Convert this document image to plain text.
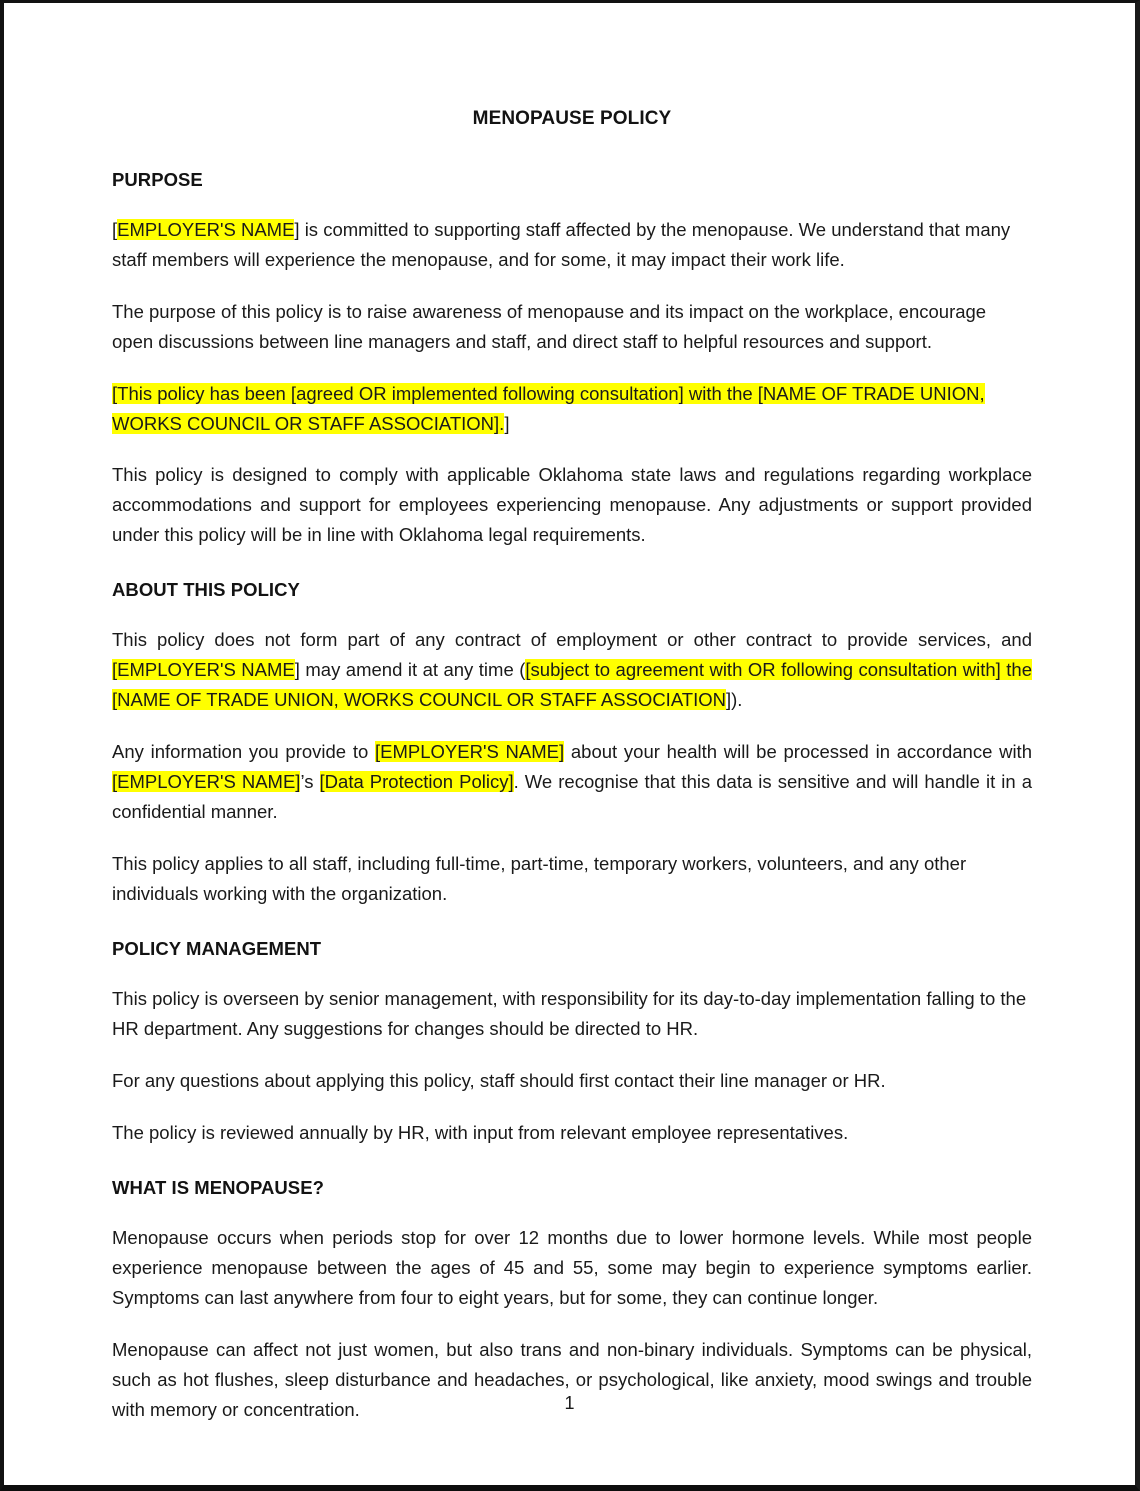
MENOPAUSE POLICY
PURPOSE

[EMPLOYER'S NAME] is committed to supporting staff affected by the menopause. We understand that many staff members will experience the menopause, and for some, it may impact their work life.

The purpose of this policy is to raise awareness of menopause and its impact on the workplace, encourage open discussions between line managers and staff, and direct staff to helpful resources and support.

[This policy has been [agreed OR implemented following consultation] with the [NAME OF TRADE UNION, WORKS COUNCIL OR STAFF ASSOCIATION].]

This policy is designed to comply with applicable Oklahoma state laws and regulations regarding workplace accommodations and support for employees experiencing menopause. Any adjustments or support provided under this policy will be in line with Oklahoma legal requirements.

ABOUT THIS POLICY

This policy does not form part of any contract of employment or other contract to provide services, and [EMPLOYER'S NAME] may amend it at any time ([subject to agreement with OR following consultation with] the [NAME OF TRADE UNION, WORKS COUNCIL OR STAFF ASSOCIATION]).

Any information you provide to [EMPLOYER'S NAME] about your health will be processed in accordance with [EMPLOYER'S NAME]’s [Data Protection Policy]. We recognise that this data is sensitive and will handle it in a confidential manner.

This policy applies to all staff, including full-time, part-time, temporary workers, volunteers, and any other individuals working with the organization.

POLICY MANAGEMENT

This policy is overseen by senior management, with responsibility for its day-to-day implementation falling to the HR department. Any suggestions for changes should be directed to HR.

For any questions about applying this policy, staff should first contact their line manager or HR.

The policy is reviewed annually by HR, with input from relevant employee representatives.

WHAT IS MENOPAUSE?

Menopause occurs when periods stop for over 12 months due to lower hormone levels. While most people experience menopause between the ages of 45 and 55, some may begin to experience symptoms earlier. Symptoms can last anywhere from four to eight years, but for some, they can continue longer.

Menopause can affect not just women, but also trans and non-binary individuals. Symptoms can be physical, such as hot flushes, sleep disturbance and headaches, or psychological, like anxiety, mood swings and trouble with memory or concentration.	1
